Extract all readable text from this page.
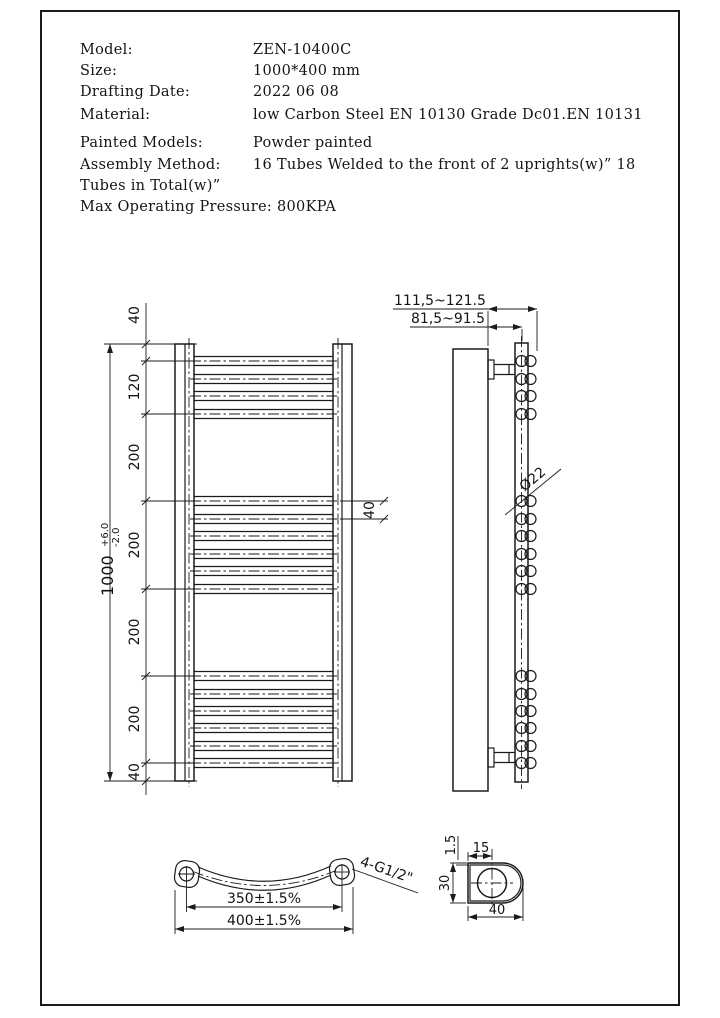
Model:	ZEN-10400C
Size:	1000*400 mm
Drafting Date:	2022 06 08
Material:	low Carbon Steel EN 10130 Grade Dc01.EN 10131
Painted Models:	Powder painted
Assembly Method: 16 Tubes Welded to the front of 2 uprights(w)” 18
Tubes in Total(w)”
Max Operating Pressure: 800KPA
1000
+6.0 -2.0
40
120
200
200
200
200
40
40
111,5~121.5
81,5~91.5
Ø22
350±1.5%
400±1.5%
4-G1/2"
40
30
15
1.5
